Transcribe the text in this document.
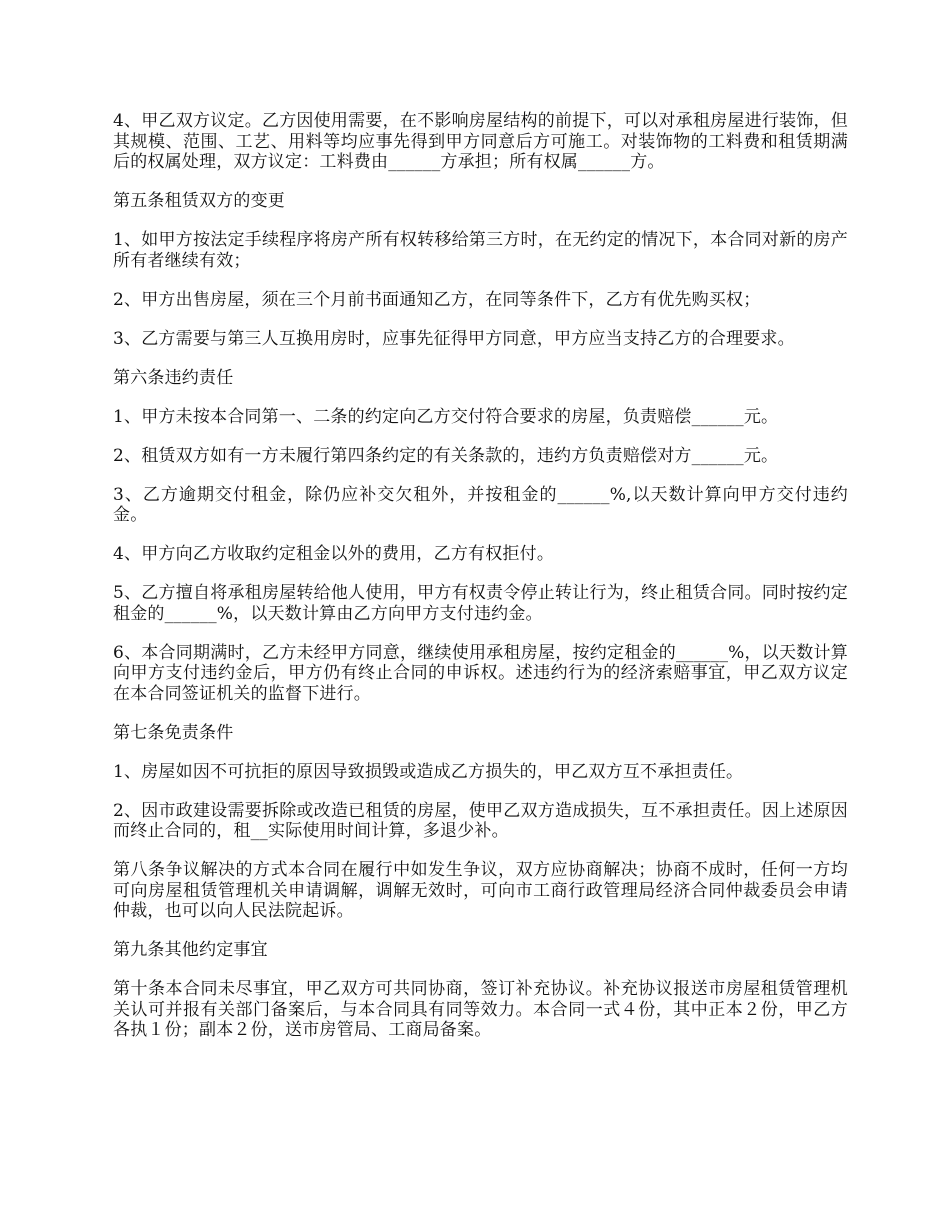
4、甲乙双方议定。乙方因使用需要，在不影响房屋结构的前提下，可以对承租房屋进行装饰，但其规模、范围、工艺、用料等均应事先得到甲方同意后方可施工。对装饰物的工料费和租赁期满后的权属处理，双方议定：工料费由______方承担；所有权属______方。

第五条租赁双方的变更

1、如甲方按法定手续程序将房产所有权转移给第三方时，在无约定的情况下，本合同对新的房产所有者继续有效；

2、甲方出售房屋，须在三个月前书面通知乙方，在同等条件下，乙方有优先购买权；

3、乙方需要与第三人互换用房时，应事先征得甲方同意，甲方应当支持乙方的合理要求。

第六条违约责任

1、甲方未按本合同第一、二条的约定向乙方交付符合要求的房屋，负责赔偿______元。

2、租赁双方如有一方未履行第四条约定的有关条款的，违约方负责赔偿对方______元。

3、乙方逾期交付租金，除仍应补交欠租外，并按租金的______%,以天数计算向甲方交付违约金。

4、甲方向乙方收取约定租金以外的费用，乙方有权拒付。

5、乙方擅自将承租房屋转给他人使用，甲方有权责令停止转让行为，终止租赁合同。同时按约定租金的______%，以天数计算由乙方向甲方支付违约金。

6、本合同期满时，乙方未经甲方同意，继续使用承租房屋，按约定租金的______%，以天数计算向甲方支付违约金后，甲方仍有终止合同的申诉权。述违约行为的经济索赔事宜，甲乙双方议定在本合同签证机关的监督下进行。

第七条免责条件

1、房屋如因不可抗拒的原因导致损毁或造成乙方损失的，甲乙双方互不承担责任。

2、因市政建设需要拆除或改造已租赁的房屋，使甲乙双方造成损失，互不承担责任。因上述原因而终止合同的，租__实际使用时间计算，多退少补。

第八条争议解决的方式本合同在履行中如发生争议，双方应协商解决；协商不成时，任何一方均可向房屋租赁管理机关申请调解，调解无效时，可向市工商行政管理局经济合同仲裁委员会申请仲裁，也可以向人民法院起诉。

第九条其他约定事宜

第十条本合同未尽事宜，甲乙双方可共同协商，签订补充协议。补充协议报送市房屋租赁管理机关认可并报有关部门备案后，与本合同具有同等效力。本合同一式４份，其中正本２份，甲乙方各执１份；副本２份，送市房管局、工商局备案。
